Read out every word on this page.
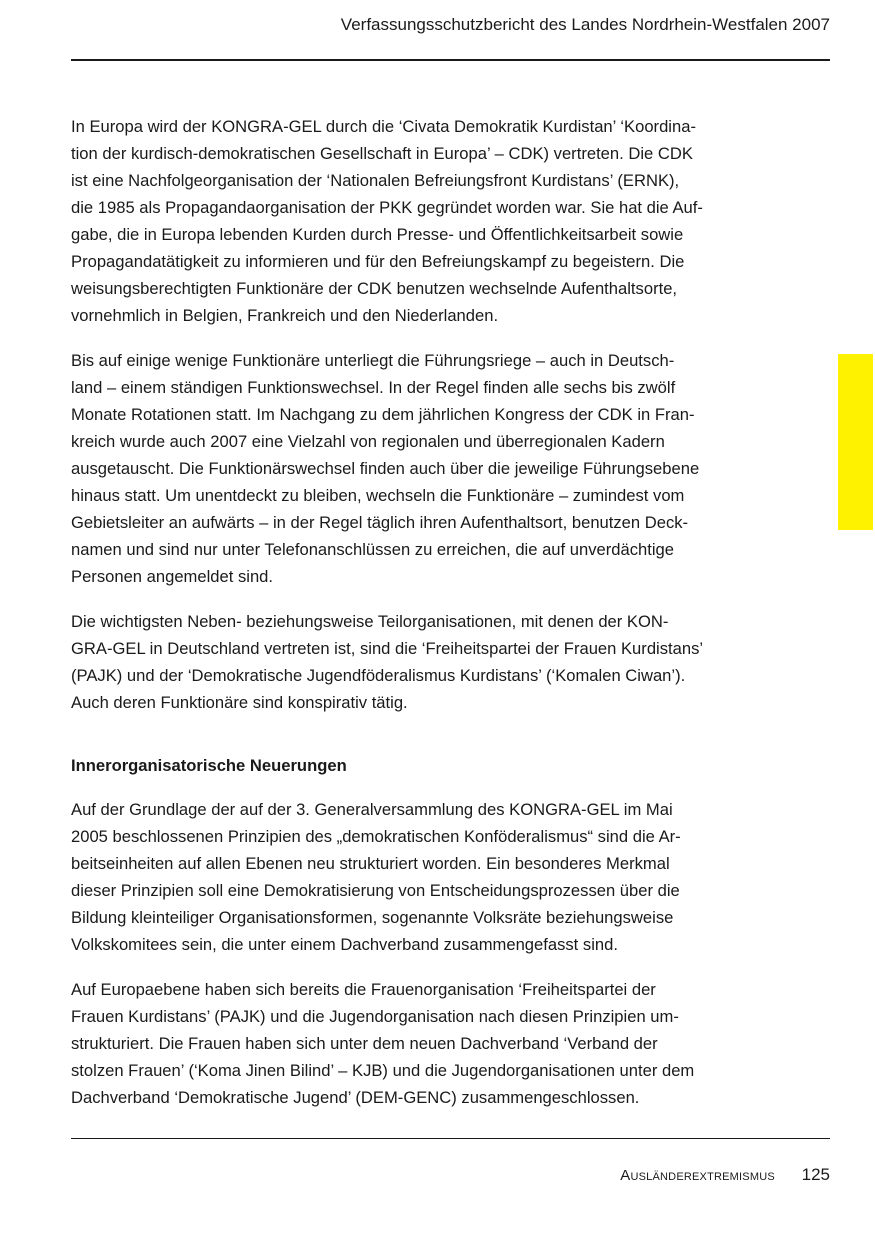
Verfassungsschutzbericht des Landes Nordrhein-Westfalen 2007

In Europa wird der KONGRA-GEL durch die ‘Civata Demokratik Kurdistan’ ‘Koordina-
tion der kurdisch-demokratischen Gesellschaft in Europa’ – CDK) vertreten. Die CDK
ist eine Nachfolgeorganisation der ‘Nationalen Befreiungsfront Kurdistans’ (ERNK),
die 1985 als Propagandaorganisation der PKK gegründet worden war. Sie hat die Auf-
gabe, die in Europa lebenden Kurden durch Presse- und Öffentlichkeitsarbeit sowie
Propagandatätigkeit zu informieren und für den Befreiungskampf zu begeistern. Die
weisungsberechtigten Funktionäre der CDK benutzen wechselnde Aufenthaltsorte,
vornehmlich in Belgien, Frankreich und den Niederlanden.

Bis auf einige wenige Funktionäre unterliegt die Führungsriege – auch in Deutsch-
land – einem ständigen Funktionswechsel. In der Regel finden alle sechs bis zwölf
Monate Rotationen statt. Im Nachgang zu dem jährlichen Kongress der CDK in Fran-
kreich wurde auch 2007 eine Vielzahl von regionalen und überregionalen Kadern
ausgetauscht. Die Funktionärswechsel finden auch über die jeweilige Führungsebene
hinaus statt. Um unentdeckt zu bleiben, wechseln die Funktionäre – zumindest vom
Gebietsleiter an aufwärts – in der Regel täglich ihren Aufenthaltsort, benutzen Deck-
namen und sind nur unter Telefonanschlüssen zu erreichen, die auf unverdächtige
Personen angemeldet sind.

Die wichtigsten Neben- beziehungsweise Teilorganisationen, mit denen der KON-
GRA-GEL in Deutschland vertreten ist, sind die ‘Freiheitspartei der Frauen Kurdistans’
(PAJK) und der ‘Demokratische Jugendföderalismus Kurdistans’ (‘Komalen Ciwan’).
Auch deren Funktionäre sind konspirativ tätig.

Innerorganisatorische Neuerungen

Auf der Grundlage der auf der 3. Generalversammlung des KONGRA-GEL im Mai
2005 beschlossenen Prinzipien des „demokratischen Konföderalismus“ sind die Ar-
beitseinheiten auf allen Ebenen neu strukturiert worden. Ein besonderes Merkmal
dieser Prinzipien soll eine Demokratisierung von Entscheidungsprozessen über die
Bildung kleinteiliger Organisationsformen, sogenannte Volksräte beziehungsweise
Volkskomitees sein, die unter einem Dachverband zusammengefasst sind.

Auf Europaebene haben sich bereits die Frauenorganisation ‘Freiheitspartei der
Frauen Kurdistans’ (PAJK) und die Jugendorganisation nach diesen Prinzipien um-
strukturiert. Die Frauen haben sich unter dem neuen Dachverband ‘Verband der
stolzen Frauen’ (‘Koma Jinen Bilind’ – KJB) und die Jugendorganisationen unter dem
Dachverband ‘Demokratische Jugend’ (DEM-GENC) zusammengeschlossen.

Ausländerextremismus 125
